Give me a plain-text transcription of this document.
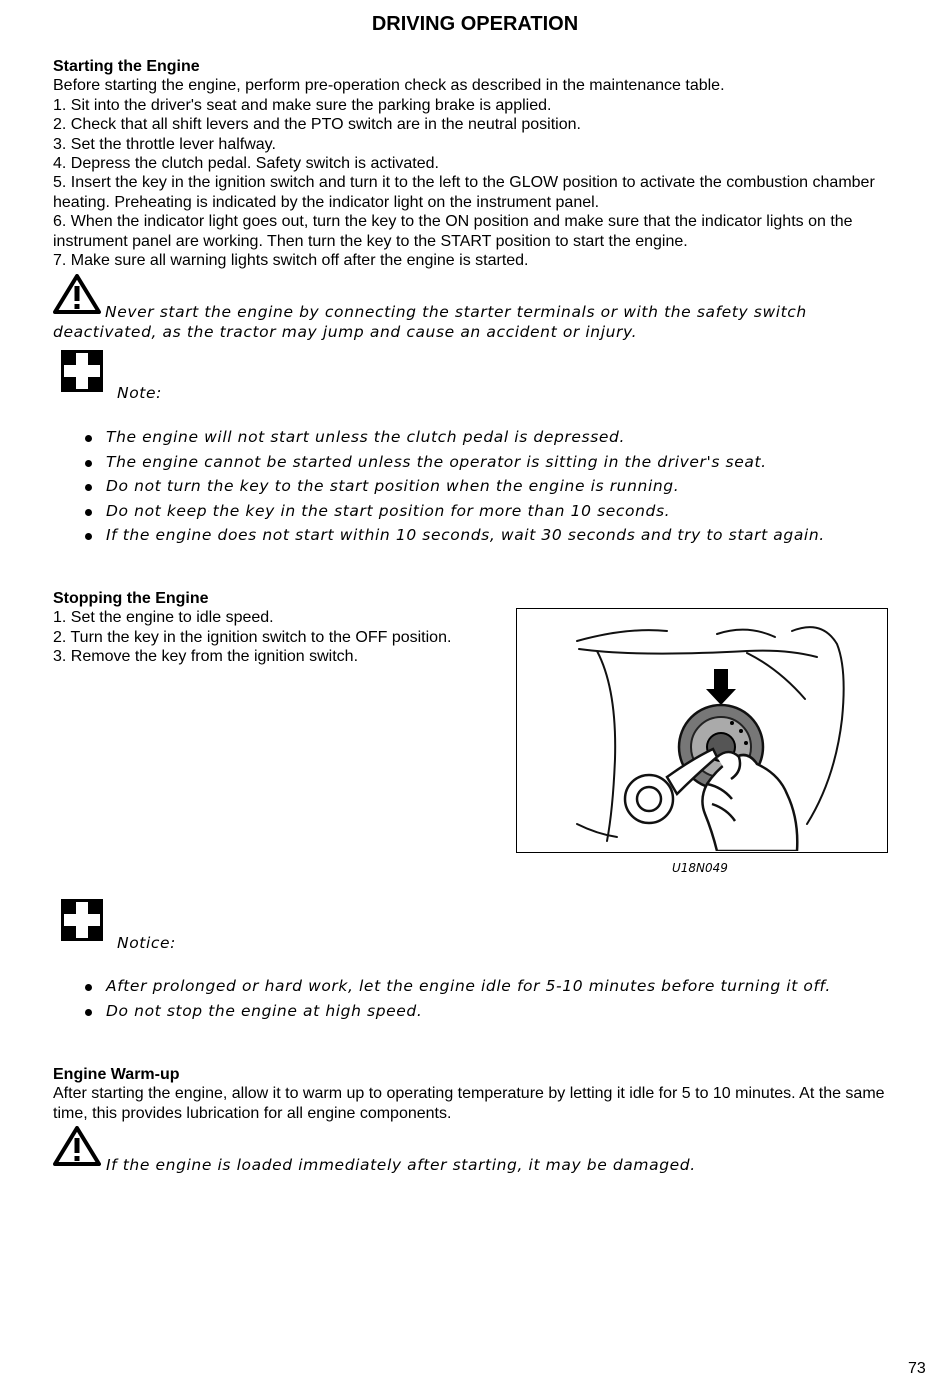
DRIVING OPERATION
Starting the Engine
Before starting the engine, perform pre-operation check as described in the maintenance table.
1. Sit into the driver's seat and make sure the parking brake is applied.
2. Check that all shift levers and the PTO switch are in the neutral position.
3. Set the throttle lever halfway.
4. Depress the clutch pedal. Safety switch is activated.
5. Insert the key in the ignition switch and turn it to the left to the GLOW position to activate the combustion chamber heating. Preheating is indicated by the indicator light on the instrument panel.
6. When the indicator light goes out, turn the key to the ON position and make sure that the indicator lights on the instrument panel are working. Then turn the key to the START position to start the engine.
7. Make sure all warning lights switch off after the engine is started.
Never start the engine by connecting the starter terminals or with the safety switch deactivated, as the tractor may jump and cause an accident or injury.
Note:
The engine will not start unless the clutch pedal is depressed.
The engine cannot be started unless the operator is sitting in the driver's seat.
Do not turn the key to the start position when the engine is running.
Do not keep the key in the start position for more than 10 seconds.
If the engine does not start within 10 seconds, wait 30 seconds and try to start again.
Stopping the Engine
1. Set the engine to idle speed.
2. Turn the key in the ignition switch to the OFF position.
3. Remove the key from the ignition switch.
U18N049
Notice:
After prolonged or hard work, let the engine idle for 5-10 minutes before turning it off.
Do not stop the engine at high speed.
Engine Warm-up
After starting the engine, allow it to warm up to operating temperature by letting it idle for 5 to 10 minutes. At the same time, this provides lubrication for all engine components.
If the engine is loaded immediately after starting, it may be damaged.
73
